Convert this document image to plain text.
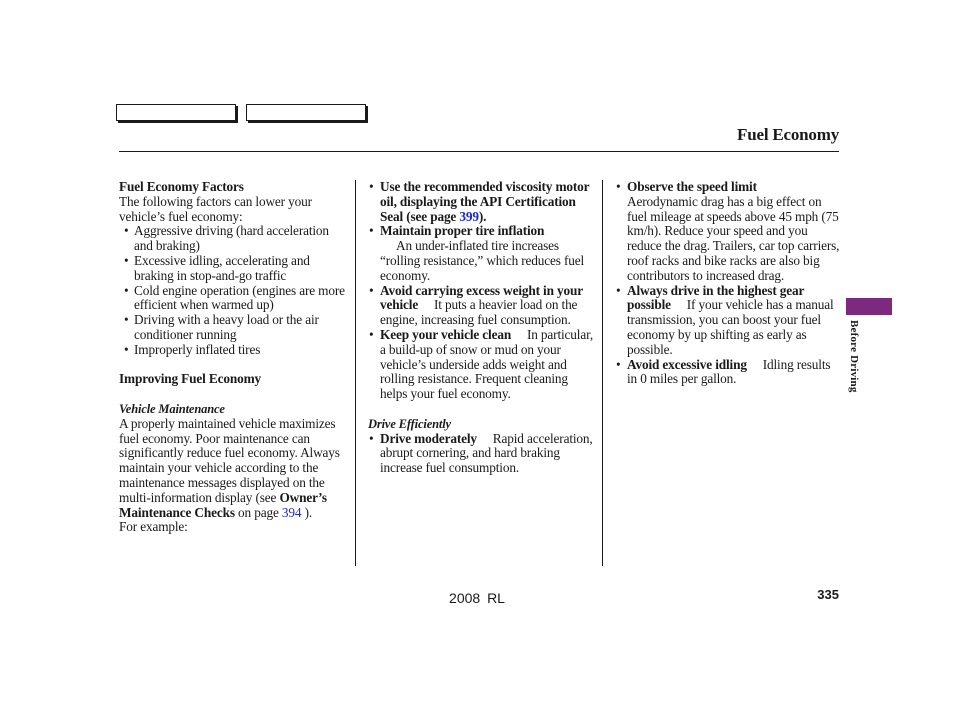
Fuel Economy

Fuel Economy Factors

The following factors can lower your vehicle’s fuel economy:

• Aggressive driving (hard acceleration and braking)
• Excessive idling, accelerating and braking in stop-and-go traffic
• Cold engine operation (engines are more efficient when warmed up)
• Driving with a heavy load or the air conditioner running
• Improperly inflated tires

Improving Fuel Economy

Vehicle Maintenance

A properly maintained vehicle maximizes fuel economy. Poor maintenance can significantly reduce fuel economy. Always maintain your vehicle according to the maintenance messages displayed on the multi-information display (see Owner’s Maintenance Checks on page 394 ).

For example:

• Use the recommended viscosity motor oil, displaying the API Certification Seal (see page 399).
• Maintain proper tire inflation
An under-inflated tire increases “rolling resistance,” which reduces fuel economy.
• Avoid carrying excess weight in your vehicle It puts a heavier load on the engine, increasing fuel consumption.
• Keep your vehicle clean In particular, a build-up of snow or mud on your vehicle’s underside adds weight and rolling resistance. Frequent cleaning helps your fuel economy.

Drive Efficiently

• Drive moderately Rapid acceleration, abrupt cornering, and hard braking increase fuel consumption.
• Observe the speed limit
Aerodynamic drag has a big effect on fuel mileage at speeds above 45 mph (75 km/h). Reduce your speed and you reduce the drag. Trailers, car top carriers, roof racks and bike racks are also big contributors to increased drag.
• Always drive in the highest gear possible If your vehicle has a manual transmission, you can boost your fuel economy by up shifting as early as possible.
• Avoid excessive idling Idling results in 0 miles per gallon.	Before Driving
2008 RL	335
